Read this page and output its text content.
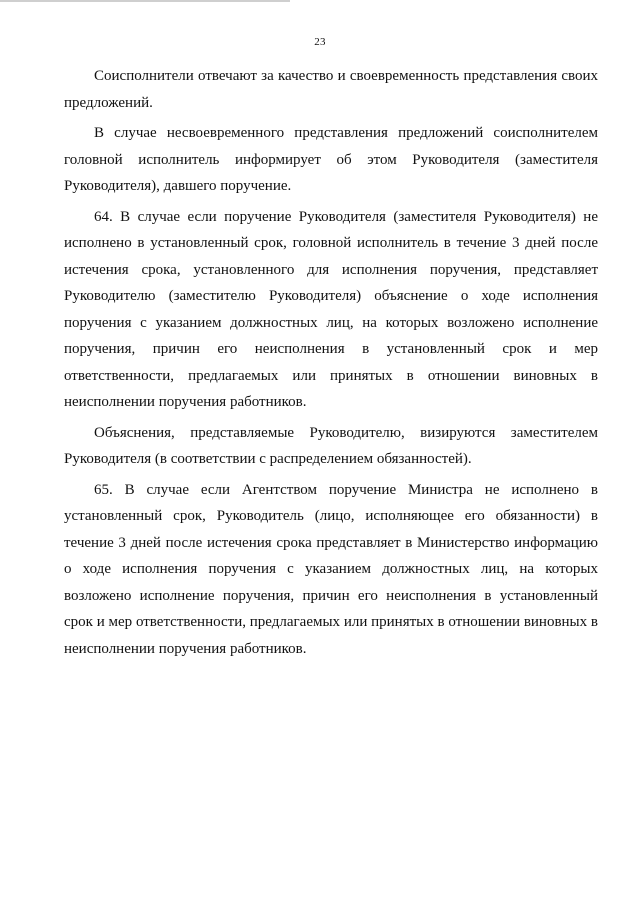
23

Соисполнители отвечают за качество и своевременность представления своих предложений.

В случае несвоевременного представления предложений соисполнителем головной исполнитель информирует об этом Руководителя (заместителя Руководителя), давшего поручение.

64. В случае если поручение Руководителя (заместителя Руководителя) не исполнено в установленный срок, головной исполнитель в течение 3 дней после истечения срока, установленного для исполнения поручения, представляет Руководителю (заместителю Руководителя) объяснение о ходе исполнения поручения с указанием должностных лиц, на которых возложено исполнение поручения, причин его неисполнения в установленный срок и мер ответственности, предлагаемых или принятых в отношении виновных в неисполнении поручения работников.

Объяснения, представляемые Руководителю, визируются заместителем Руководителя (в соответствии с распределением обязанностей).

65. В случае если Агентством поручение Министра не исполнено в установленный срок, Руководитель (лицо, исполняющее его обязанности) в течение 3 дней после истечения срока представляет в Министерство информацию о ходе исполнения поручения с указанием должностных лиц, на которых возложено исполнение поручения, причин его неисполнения в установленный срок и мер ответственности, предлагаемых или принятых в отношении виновных в неисполнении поручения работников.
